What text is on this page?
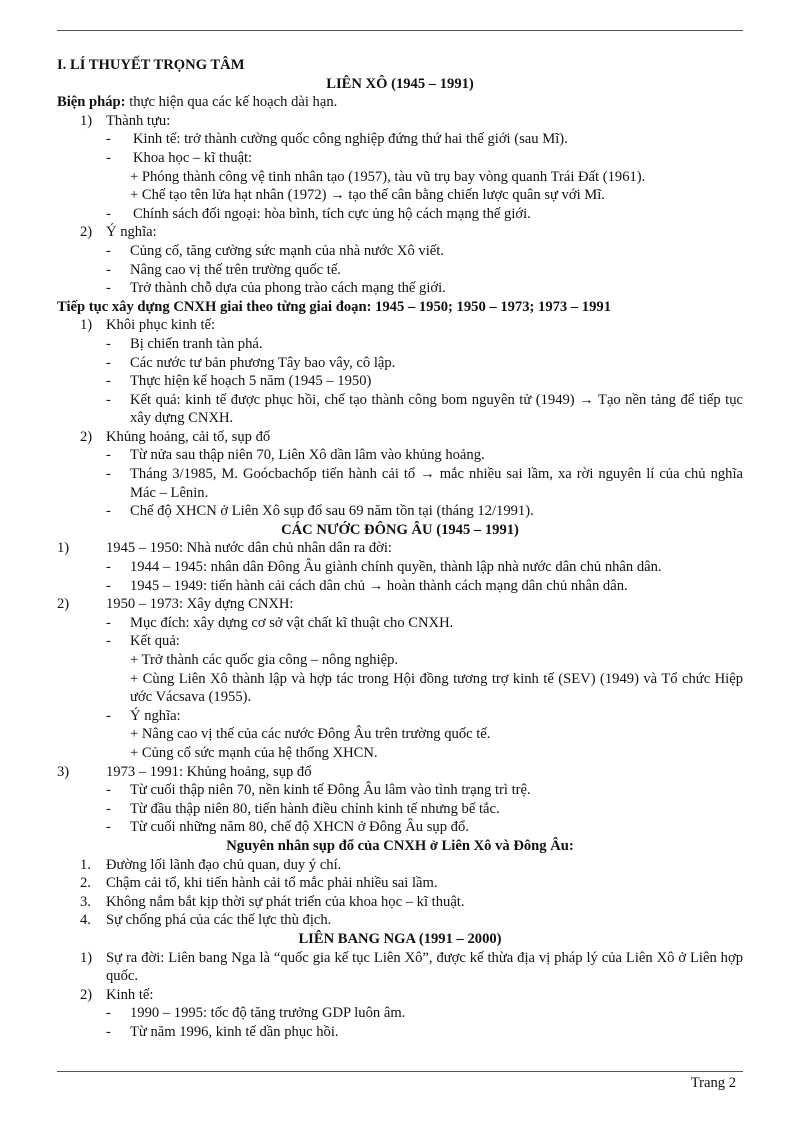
I. LÍ THUYẾT TRỌNG TÂM
LIÊN XÔ (1945 – 1991)
Biện pháp: thực hiện qua các kế hoạch dài hạn.
1) Thành tựu:

- Kinh tế: trở thành cường quốc công nghiệp đứng thứ hai thế giới (sau Mĩ).

- Khoa học – kĩ thuật:

+ Phóng thành công vệ tinh nhân tạo (1957), tàu vũ trụ bay vòng quanh Trái Đất (1961).

+ Chế tạo tên lửa hạt nhân (1972) → tạo thế cân bằng chiến lược quân sự với Mĩ.

- Chính sách đối ngoại: hòa bình, tích cực ủng hộ cách mạng thế giới.

2) Ý nghĩa:

- Củng cố, tăng cường sức mạnh của nhà nước Xô viết.

- Nâng cao vị thế trên trường quốc tế.

- Trở thành chỗ dựa của phong trào cách mạng thế giới.

Tiếp tục xây dựng CNXH giai theo từng giai đoạn: 1945 – 1950; 1950 – 1973; 1973 – 1991
1) Khôi phục kinh tế:

- Bị chiến tranh tàn phá.

- Các nước tư bản phương Tây bao vây, cô lập.

- Thực hiện kế hoạch 5 năm (1945 – 1950)

- Kết quả: kinh tế được phục hồi, chế tạo thành công bom nguyên tử (1949) → Tạo nền tảng để tiếp tục xây dựng CNXH.
2) Khủng hoảng, cải tổ, sụp đổ

- Từ nửa sau thập niên 70, Liên Xô dần lâm vào khủng hoảng.

- Tháng 3/1985, M. Goócbachốp tiến hành cải tổ → mắc nhiều sai lầm, xa rời nguyên lí của chủ nghĩa Mác – Lênin.
- Chế độ XHCN ở Liên Xô sụp đổ sau 69 năm tồn tại (tháng 12/1991).

CÁC NƯỚC ĐÔNG ÂU (1945 – 1991)
1)	1945 – 1950: Nhà nước dân chủ nhân dân ra đời:

- 1944 – 1945: nhân dân Đông Âu giành chính quyền, thành lập nhà nước dân chủ nhân dân.

- 1945 – 1949: tiến hành cải cách dân chủ → hoàn thành cách mạng dân chủ nhân dân.

2)	1950 – 1973: Xây dựng CNXH:

- Mục đích: xây dựng cơ sở vật chất kĩ thuật cho CNXH.

- Kết quả:

+ Trở thành các quốc gia công – nông nghiệp.

+ Cùng Liên Xô thành lập và hợp tác trong Hội đồng tương trợ kinh tế (SEV) (1949) và Tổ chức Hiệp ước Vácsava (1955).
- Ý nghĩa:

+ Nâng cao vị thế của các nước Đông Âu trên trường quốc tế.

+ Củng cố sức mạnh của hệ thống XHCN.

3)	1973 – 1991: Khủng hoảng, sụp đổ

- Từ cuối thập niên 70, nền kinh tế Đông Âu lâm vào tình trạng trì trệ.

- Từ đầu thập niên 80, tiến hành điều chỉnh kinh tế nhưng bế tắc.

- Từ cuối những năm 80, chế độ XHCN ở Đông Âu sụp đổ.

Nguyên nhân sụp đổ của CNXH ở Liên Xô và Đông Âu:
1. Đường lối lãnh đạo chủ quan, duy ý chí.

2. Chậm cải tổ, khi tiến hành cải tổ mắc phải nhiều sai lầm.

3. Không nắm bắt kịp thời sự phát triển của khoa học – kĩ thuật.

4. Sự chống phá của các thế lực thù địch.

LIÊN BANG NGA (1991 – 2000)
1) Sự ra đời: Liên bang Nga là “quốc gia kế tục Liên Xô”, được kế thừa địa vị pháp lý của Liên Xô ở Liên hợp quốc.
2) Kinh tế:

- 1990 – 1995: tốc độ tăng trưởng GDP luôn âm.

- Từ năm 1996, kinh tế dần phục hồi.

Trang 2
